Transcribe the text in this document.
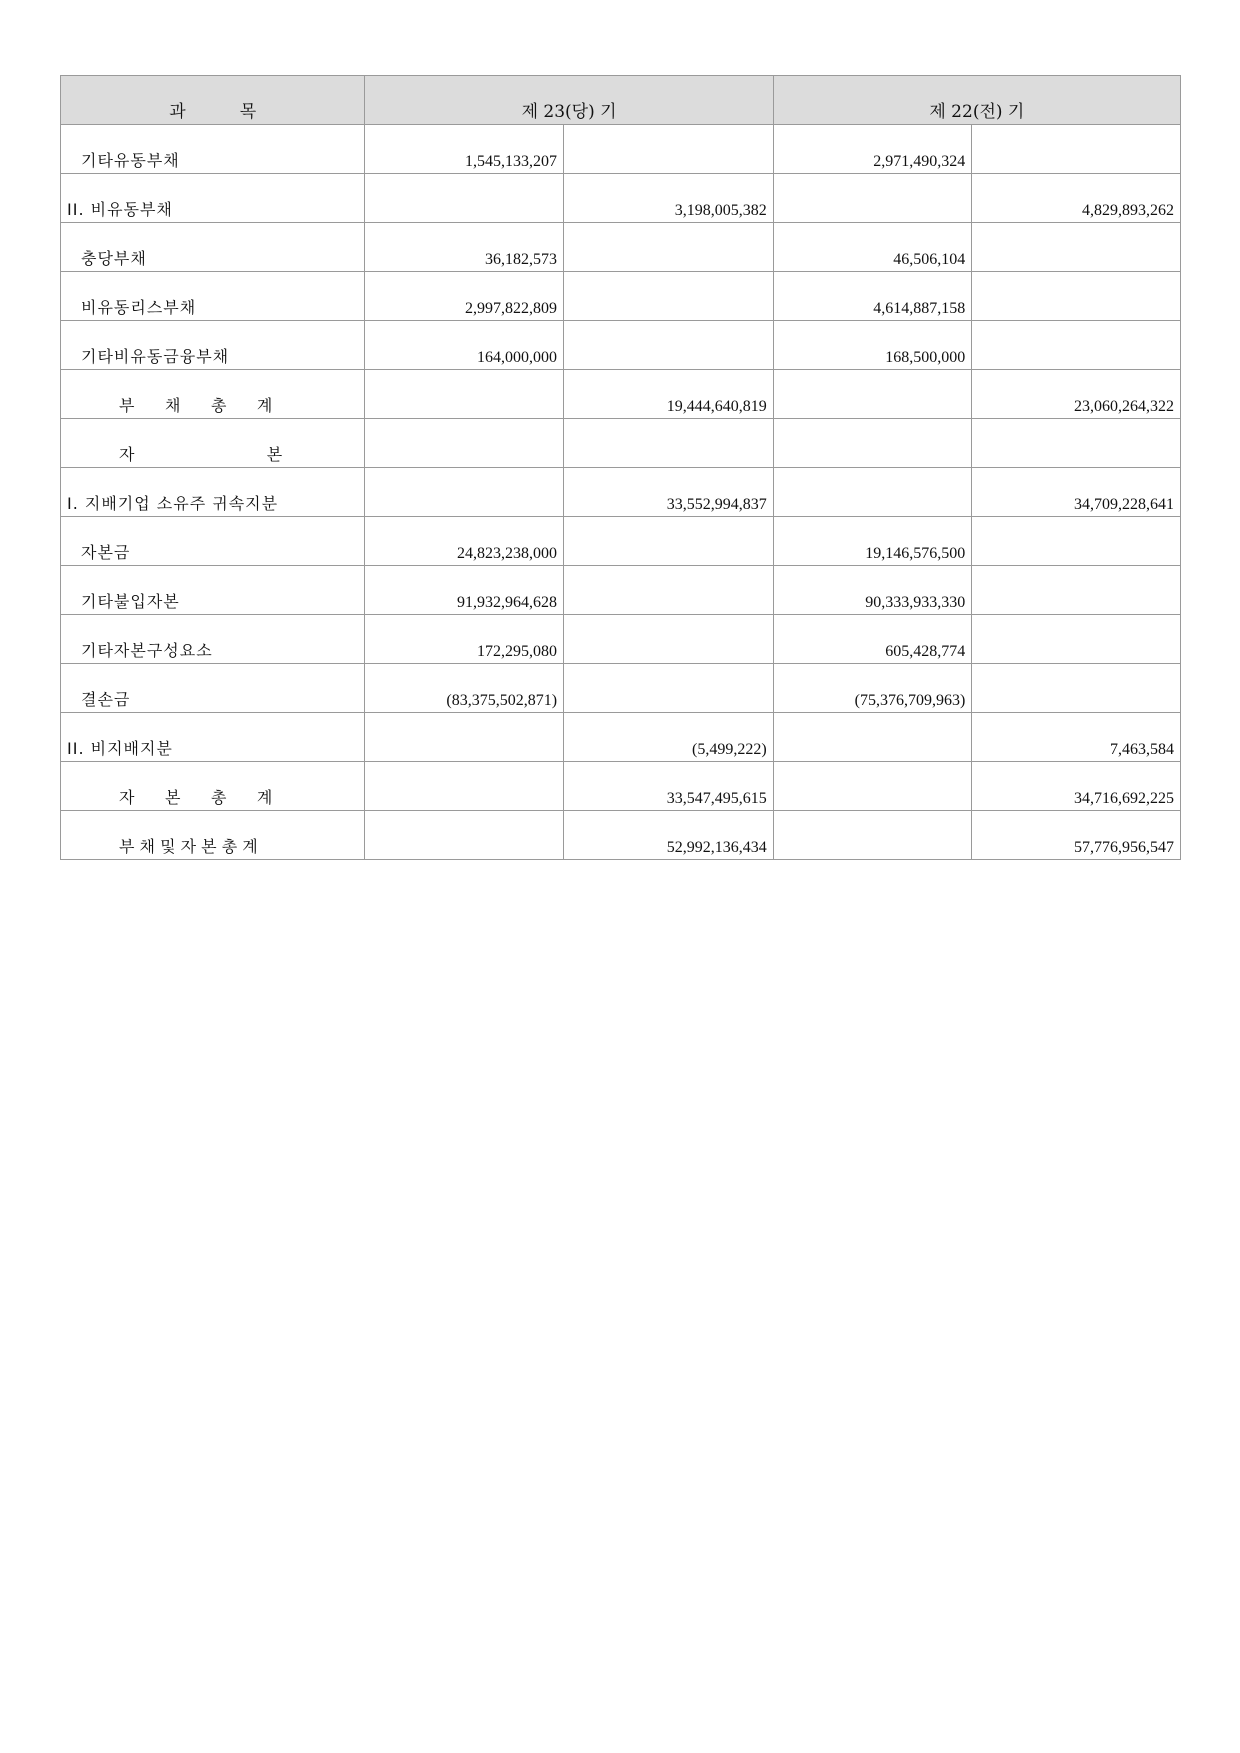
과          목	제 23(당) 기		제 22(전) 기	
기타유동부채	1,545,133,207		2,971,490,324	
II. 비유동부채		3,198,005,382		4,829,893,262
충당부채	36,182,573		46,506,104	
비유동리스부채	2,997,822,809		4,614,887,158	
기타비유동금융부채	164,000,000		168,500,000	
부      채      총      계		19,444,640,819		23,060,264,322
자                          본				
I. 지배기업 소유주 귀속지분		33,552,994,837		34,709,228,641
자본금	24,823,238,000		19,146,576,500	
기타불입자본	91,932,964,628		90,333,933,330	
기타자본구성요소	172,295,080		605,428,774	
결손금	(83,375,502,871)		(75,376,709,963)	
II. 비지배지분		(5,499,222)		7,463,584
자      본      총      계		33,547,495,615		34,716,692,225
부 채 및 자 본 총 계		52,992,136,434		57,776,956,547
